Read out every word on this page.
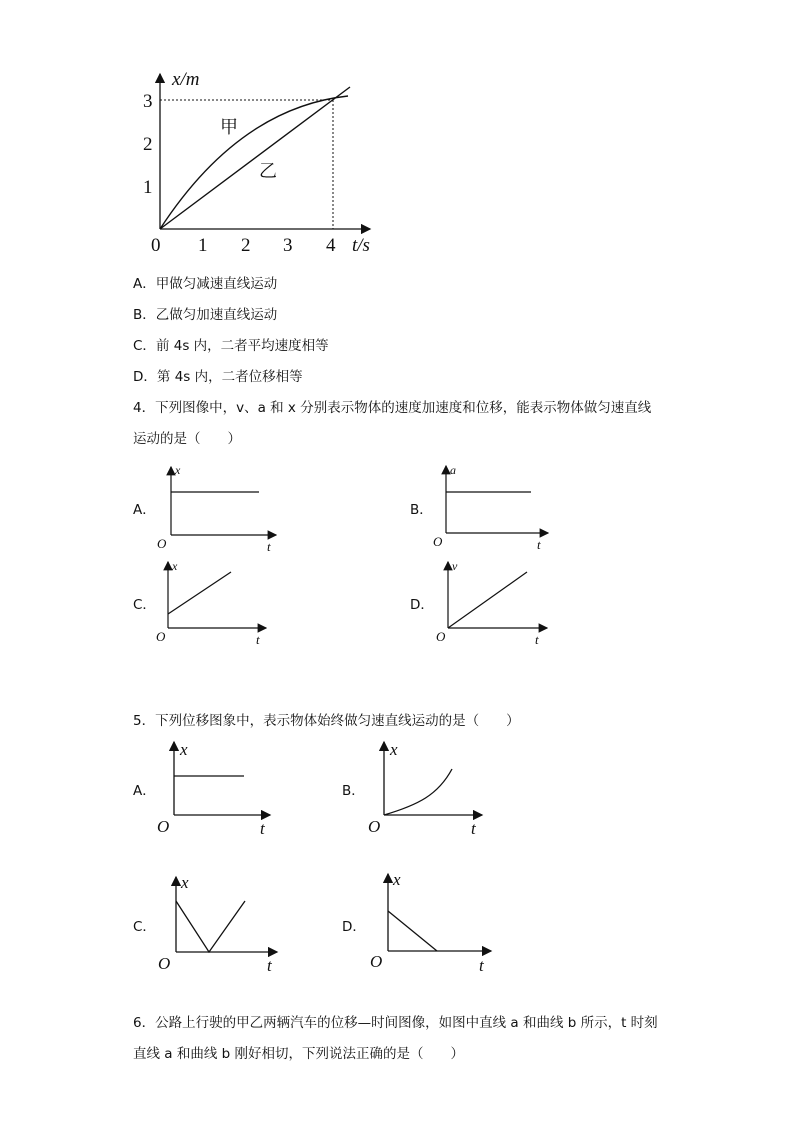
x/m
t/s
0 1 2 3 4
1
2
3
甲
乙
A．甲做匀减速直线运动
B．乙做匀加速直线运动
C．前 4s 内，二者平均速度相等
D．第 4s 内，二者位移相等
4．下列图像中，v、a 和 x 分别表示物体的速度加速度和位移，能表示物体做匀速直线
运动的是（　　）
A．
x
O	t
B．
a
O	t
C．
x
O	t
D．
v
O	t
5．下列位移图象中，表示物体始终做匀速直线运动的是（　　）
A．
x
O	t
B．
x
O	t
C．
x
O	t
D．
x
O	t
6．公路上行驶的甲乙两辆汽车的位移—时间图像，如图中直线 a 和曲线 b 所示，t 时刻
直线 a 和曲线 b 刚好相切，下列说法正确的是（　　）
